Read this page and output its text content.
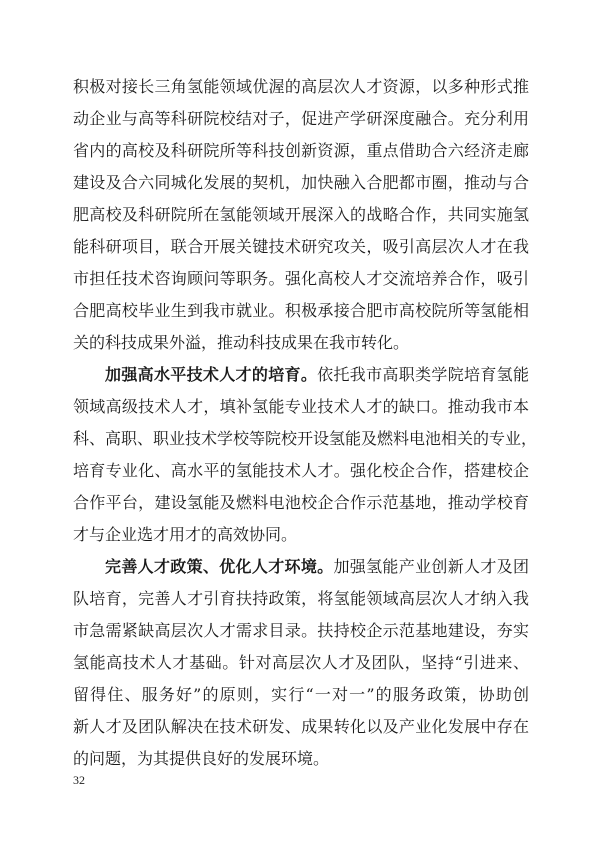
积极对接长三角氢能领域优渥的高层次人才资源，以多种形式推
动企业与高等科研院校结对子，促进产学研深度融合。充分利用
省内的高校及科研院所等科技创新资源，重点借助合六经济走廊
建设及合六同城化发展的契机，加快融入合肥都市圈，推动与合
肥高校及科研院所在氢能领域开展深入的战略合作，共同实施氢
能科研项目，联合开展关键技术研究攻关，吸引高层次人才在我
市担任技术咨询顾问等职务。强化高校人才交流培养合作，吸引
合肥高校毕业生到我市就业。积极承接合肥市高校院所等氢能相
关的科技成果外溢，推动科技成果在我市转化。
加强高水平技术人才的培育。依托我市高职类学院培育氢能
领域高级技术人才，填补氢能专业技术人才的缺口。推动我市本
科、高职、职业技术学校等院校开设氢能及燃料电池相关的专业，
培育专业化、高水平的氢能技术人才。强化校企合作，搭建校企
合作平台，建设氢能及燃料电池校企合作示范基地，推动学校育
才与企业选才用才的高效协同。
完善人才政策、优化人才环境。加强氢能产业创新人才及团
队培育，完善人才引育扶持政策，将氢能领域高层次人才纳入我
市急需紧缺高层次人才需求目录。扶持校企示范基地建设，夯实
氢能高技术人才基础。针对高层次人才及团队，坚持“引进来、
留得住、服务好”的原则，实行“一对一”的服务政策，协助创
新人才及团队解决在技术研发、成果转化以及产业化发展中存在
的问题，为其提供良好的发展环境。
32
